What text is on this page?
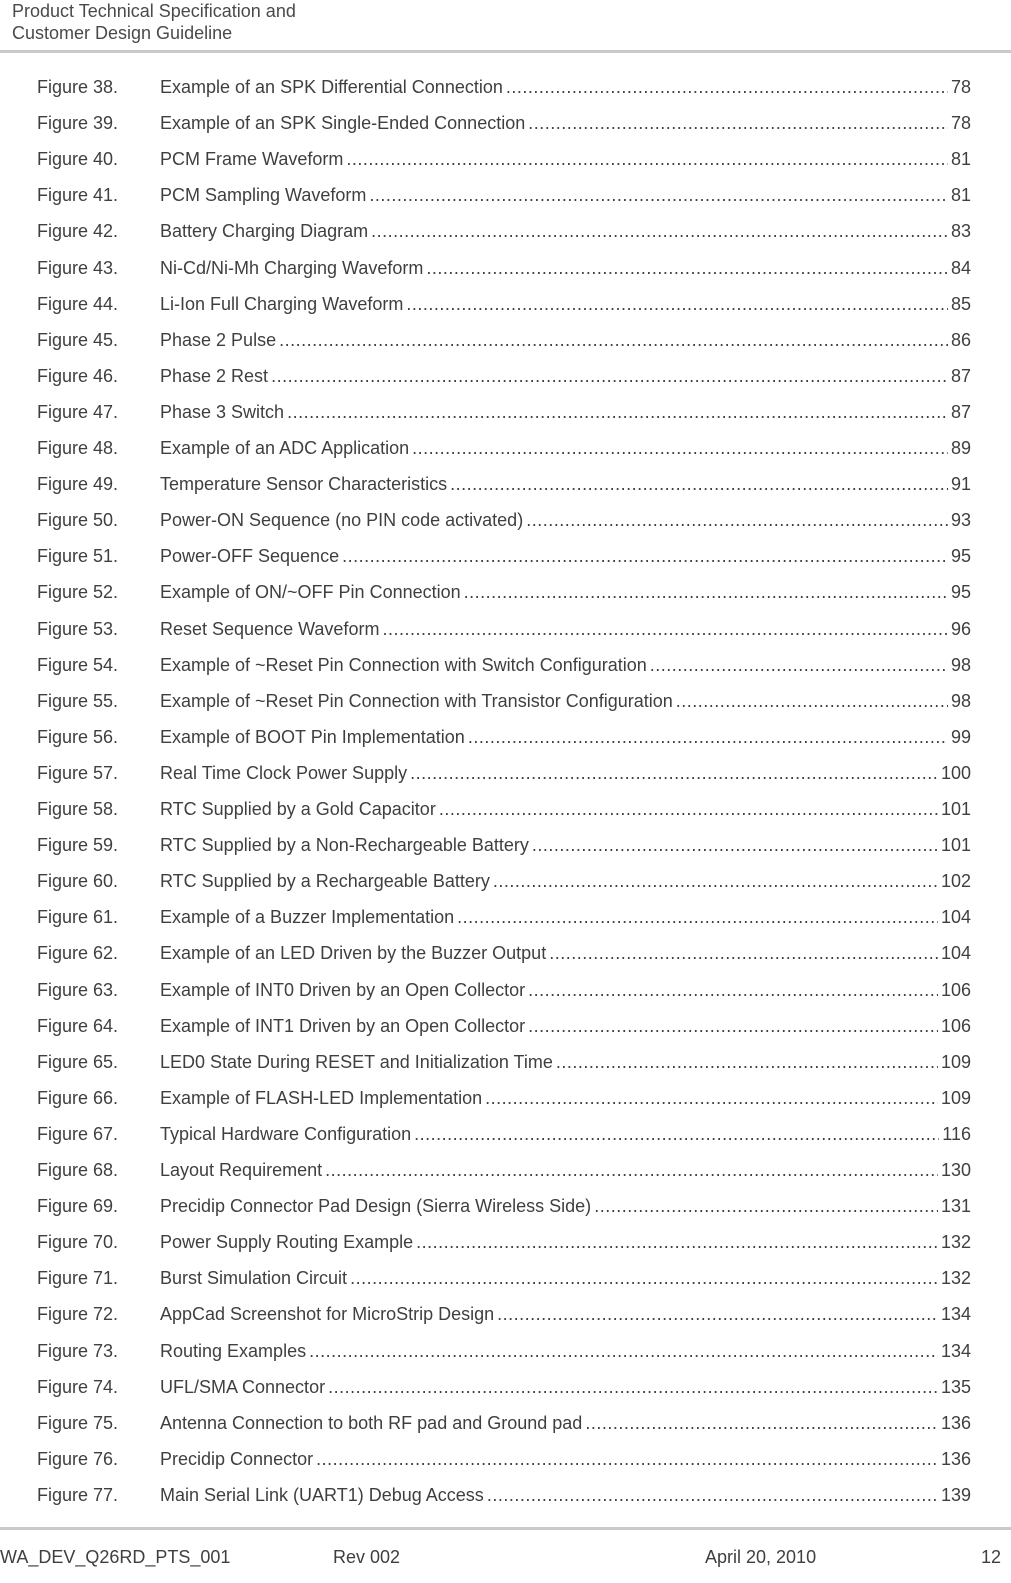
Product Technical Specification and
Customer Design Guideline
Figure 38. Example of an SPK Differential Connection .....	78
Figure 39. Example of an SPK Single-Ended Connection .....	78
Figure 40. PCM Frame Waveform .....	81
Figure 41. PCM Sampling Waveform .....	81
Figure 42. Battery Charging Diagram .....	83
Figure 43. Ni-Cd/Ni-Mh Charging Waveform .....	84
Figure 44. Li-Ion Full Charging Waveform .....	85
Figure 45. Phase 2 Pulse .....	86
Figure 46. Phase 2 Rest .....	87
Figure 47. Phase 3 Switch .....	87
Figure 48. Example of an ADC Application .....	89
Figure 49. Temperature Sensor Characteristics .....	91
Figure 50. Power-ON Sequence (no PIN code activated) .....	93
Figure 51. Power-OFF Sequence .....	95
Figure 52. Example of ON/~OFF Pin Connection .....	95
Figure 53. Reset Sequence Waveform .....	96
Figure 54. Example of ~Reset Pin Connection with Switch Configuration .....	98
Figure 55. Example of ~Reset Pin Connection with Transistor Configuration .....	98
Figure 56. Example of BOOT Pin Implementation .....	99
Figure 57. Real Time Clock Power Supply .....	100
Figure 58. RTC Supplied by a Gold Capacitor .....	101
Figure 59. RTC Supplied by a Non-Rechargeable Battery .....	101
Figure 60. RTC Supplied by a Rechargeable Battery .....	102
Figure 61. Example of a Buzzer Implementation .....	104
Figure 62. Example of an LED Driven by the Buzzer Output .....	104
Figure 63. Example of INT0 Driven by an Open Collector .....	106
Figure 64. Example of INT1 Driven by an Open Collector .....	106
Figure 65. LED0 State During RESET and Initialization Time .....	109
Figure 66. Example of FLASH-LED Implementation .....	109
Figure 67. Typical Hardware Configuration .....	116
Figure 68. Layout Requirement .....	130
Figure 69. Precidip Connector Pad Design (Sierra Wireless Side) .....	131
Figure 70. Power Supply Routing Example .....	132
Figure 71. Burst Simulation Circuit .....	132
Figure 72. AppCad Screenshot for MicroStrip Design .....	134
Figure 73. Routing Examples .....	134
Figure 74. UFL/SMA Connector .....	135
Figure 75. Antenna Connection to both RF pad and Ground pad .....	136
Figure 76. Precidip Connector .....	136
Figure 77. Main Serial Link (UART1) Debug Access .....	139
WA_DEV_Q26RD_PTS_001	Rev 002	April 20, 2010	12
